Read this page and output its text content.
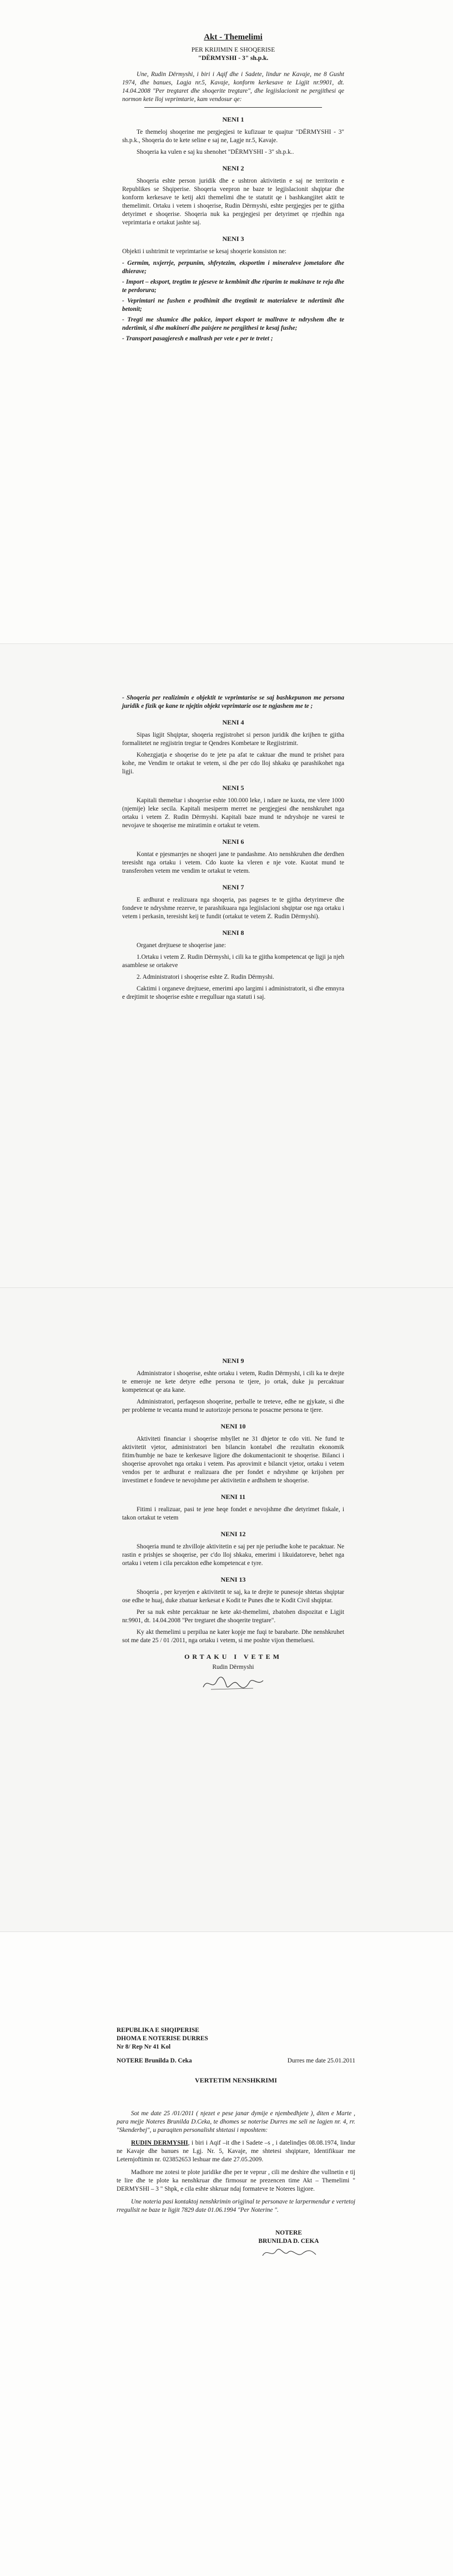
Akt - Themelimi
PER KRIJIMIN E SHOQERISE
"DËRMYSHI - 3" sh.p.k.

Une, Rudin Dërmyshi, i biri i Aqif dhe i Sadete, lindur ne Kavaje, me 8 Gusht 1974, dhe banues, Lagja nr.5, Kavaje, konform kerkesave te Ligjit nr.9901, dt. 14.04.2008 "Per tregtaret dhe shoqerite tregtare", dhe legjislacionit ne pergjithesi qe normon kete lloj veprimtarie, kam vendosur qe:

NENI 1

Te themeloj shoqerine me pergjegjesi te kufizuar te quajtur "DËRMYSHI - 3" sh.p.k., Shoqeria do te kete seline e saj ne, Lagje nr.5, Kavaje.

Shoqeria ka vulen e saj ku shenohet "DËRMYSHI - 3" sh.p.k..

NENI 2

Shoqeria eshte person juridik dhe e ushtron aktivitetin e saj ne territorin e Republikes se Shqiperise. Shoqeria veepron ne baze te legjislacionit shqiptar dhe konform kerkesave te ketij akti themelimi dhe te statutit qe i bashkangjitet aktit te themelimit. Ortaku i vetem i shoqerise, Rudin Dërmyshi, eshte pergjegjes per te gjitha detyrimet e shoqerise. Shoqeria nuk ka pergjegjesi per detyrimet qe rrjedhin nga veprimtaria e ortakut jashte saj.

NENI 3

Objekti i ushtrimit te veprimtarise se kesaj shoqerie konsiston ne:

- Germim, nxjerrje, perpunim, shfrytezim, eksportim i mineraleve jometalore dhe dhierave;

- Import – eksport, tregtim te pjeseve te kembimit dhe riparim te makinave te reja dhe te perdorura;

- Veprimtari ne fushen e prodhimit dhe tregtimit te materialeve te ndertimit dhe betonit;

- Tregti me shumice dhe pakice, import eksport te mallrave te ndryshem dhe te ndertimit, si dhe makinerí dhe paisjere ne pergjithesi te kesaj fushe;

- Transport pasagjeresh e mallrash per vete e per te tretet ;

- Shoqeria per realizimin e objektit te veprimtarise se saj bashkepunon me persona juridik e fizik qe kane te njejtin objekt veprimtarie ose te ngjashem me te ;

NENI 4

Sipas ligjit Shqiptar, shoqeria regjistrohet si person juridik dhe krijhen te gjitha formalitetet ne regjistrin tregtar te Qendres Kombetare te Regjistrimit.

Kohezgjatja e shoqerise do te jete pa afat te caktuar dhe mund te prishet para kohe, me Vendim te ortakut te vetem, si dhe per cdo lloj shkaku qe parashikohet nga ligji.

NENI 5

Kapitali themeltar i shoqerise eshte 100.000 leke, i ndare ne kuota, me vlere 1000 (njemije) leke secila. Kapitali mesiperm merret ne pergjegjesi dhe nenshkruhet nga ortaku i vetem Z. Rudin Dërmyshi. Kapitali baze mund te ndryshoje ne varesi te nevojave te shoqerise me miratimin e ortakut te vetem.

NENI 6

Kontat e pjesmarrjes ne shoqeri jane te pandashme. Ato nenshkruhen dhe derdhen teresisht nga ortaku i vetem. Cdo kuote ka vleren e nje vote. Kuotat mund te transferohen vetem me vendim te ortakut te vetem.

NENI 7

E ardhurat e realizuara nga shoqeria, pas pageses te te gjitha detyrimeve dhe fondeve te ndryshme rezerve, te parashikuara nga legjislacioni shqiptar ose nga ortaku i vetem i perkasin, teresisht keij te fundit (ortakut te vetem Z. Rudin Dërmyshi).

NENI 8

Organet drejtuese te shoqerise jane:

1.Ortaku i vetem Z. Rudin Dërmyshi, i cili ka te gjitha kompetencat qe ligji ja njeh asamblese se ortakeve

2. Administratori i shoqerise eshte Z. Rudin Dërmyshi.

Caktimi i organeve drejtuese, emerimi apo largimi i administratorit, si dhe emnyra e drejtimit te shoqerise eshte e rregulluar nga statuti i saj.

NENI 9

Administrator i shoqerise, eshte ortaku i vetem, Rudin Dërmyshi, i cili ka te drejte te emeroje ne kete detyre edhe persona te tjere, jo ortak, duke ju percaktuar kompetencat qe ata kane.

Administratori, perfaqeson shoqerine, perballe te treteve, edhe ne gjykate, si dhe per probleme te vecanta mund te autorizoje persona te posacme persona te tjere.

NENI 10

Aktiviteti financiar i shoqerise mbyllet ne 31 dhjetor te cdo viti. Ne fund te aktivitetit vjetor, administratori ben bilancin kontabel dhe rezultatin ekonomik fitim/humbje ne baze te kerkesave ligjore dhe dokumentacionit te shoqerise. Bilanci i shoqerise aprovohet nga ortaku i vetem. Pas aprovimit e bilancit vjetor, ortaku i vetem vendos per te ardhurat e realizuara dhe per fondet e ndryshme qe krijohen per investimet e fondeve te nevojshme per aktivitetin e ardhshem te shoqerise.

NENI 11

Fitimi i realizuar, pasi te jene heqe fondet e nevojshme dhe detyrimet fiskale, i takon ortakut te vetem

NENI 12

Shoqeria mund te zhvilloje aktivitetin e saj per nje periudhe kohe te pacaktuar. Ne rastin e prishjes se shoqerise, per c'do lloj shkaku, emerimi i likuidatoreve, behet nga ortaku i vetem i cila percakton edhe kompetencat e tyre.

NENI 13

Shoqeria , per kryerjen e aktivitetit te saj, ka te drejte te punesoje shtetas shqiptar ose edhe te huaj, duke zbatuar kerkesat e Kodit te Punes dhe te Kodit Civil shqiptar.

Per sa nuk eshte percaktuar ne kete akt-themelimi, zbatohen dispozitat e Ligjit nr.9901, dt. 14.04.2008 "Per tregtaret dhe shoqerite tregtare".

Ky akt themelimi u perpilua ne kater kopje me fuqi te barabarte. Dhe nenshkruhet sot me date 25 / 01 /2011, nga ortaku i vetem, si me poshte vijon themeluesi.

ORTAKU I VETEM
Rudin Dërmyshi
REPUBLIKA E SHQIPERISE
DHOMA E NOTERISE DURRES
Nr 8/ Rep Nr 41 Kol
NOTERE Brunilda D. Ceka	Durres me date 25.01.2011
VERTETIM NENSHKRIMI

Sot me date 25 /01/2011 ( njezet e pese janar dymije e njembedhjete ), diten e Marte , para mejje Noteres Brunilda D.Ceka, te dhomes se noterise Durres me seli ne lagjen nr. 4, rr. "Skenderbej", u paraqiten personalisht shtetasi i mposhtem:

RUDIN DERMYSHI, i biri i Aqif –it dhe i Sadete –s , i datelindjes 08.08.1974, lindur ne Kavaje dhe banues ne Lgj. Nr. 5, Kavaje, me shtetesi shqiptare, Identifikuar me Leternjoftimin nr. 023852653 leshuar me date 27.05.2009.

Madhore me zotesi te plote juridike dhe per te veprur , cili me deshire dhe vullnetin e tij te lire dhe te plote ka nenshkruar dhe firmosur ne prezencen time Akt – Themelimi " DERMYSHI – 3 " Shpk, e cila eshte shkruar ndaj formateve te Noteres ligjore.

Une noteria pasi kontaktoj nenshkrimin origjinal te personave te larpermendur e vertetoj rregullsit ne baze te ligjit 7829 date 01.06.1994 "Per Noterine ".

NOTERE
BRUNILDA D. CEKA
